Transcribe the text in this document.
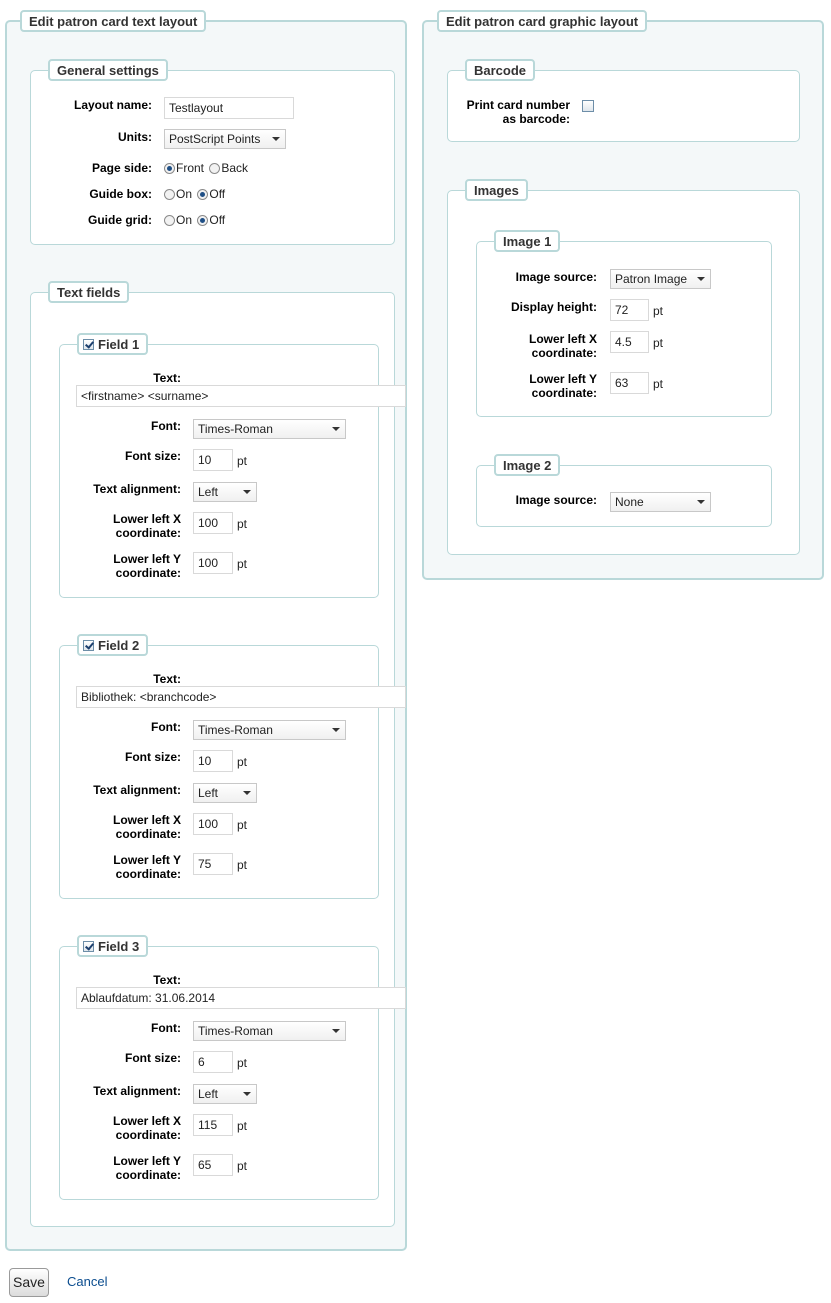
Edit patron card text layout
General settings
Layout name:	Testlayout
Units:	PostScript Points
Page side:	Front Back
Guide box:	On Off
Guide grid:	On Off
Text fields
Field 1
Text:
<firstname> <surname>
Font:	Times-Roman
Font size:	10	pt
Text alignment:	Left
Lower left X
coordinate:
100	pt
Lower left Y
coordinate:
100	pt
Field 2
Text:
Bibliothek: <branchcode>
Font:	Times-Roman
Font size:	10	pt
Text alignment:	Left
Lower left X
coordinate:
100	pt
Lower left Y
coordinate:
75	pt
Field 3
Text:
Ablaufdatum: 31.06.2014
Font:	Times-Roman
Font size:	6	pt
Text alignment:	Left
Lower left X
coordinate:
115	pt
Lower left Y
coordinate:
65	pt
Edit patron card graphic layout
Barcode
Print card number
as barcode:
Images
Image 1
Image source:	Patron Image
Display height:	72	pt
Lower left X
coordinate:
4.5	pt
Lower left Y
coordinate:
63	pt
Image 2
Image source:	None
Save	Cancel
